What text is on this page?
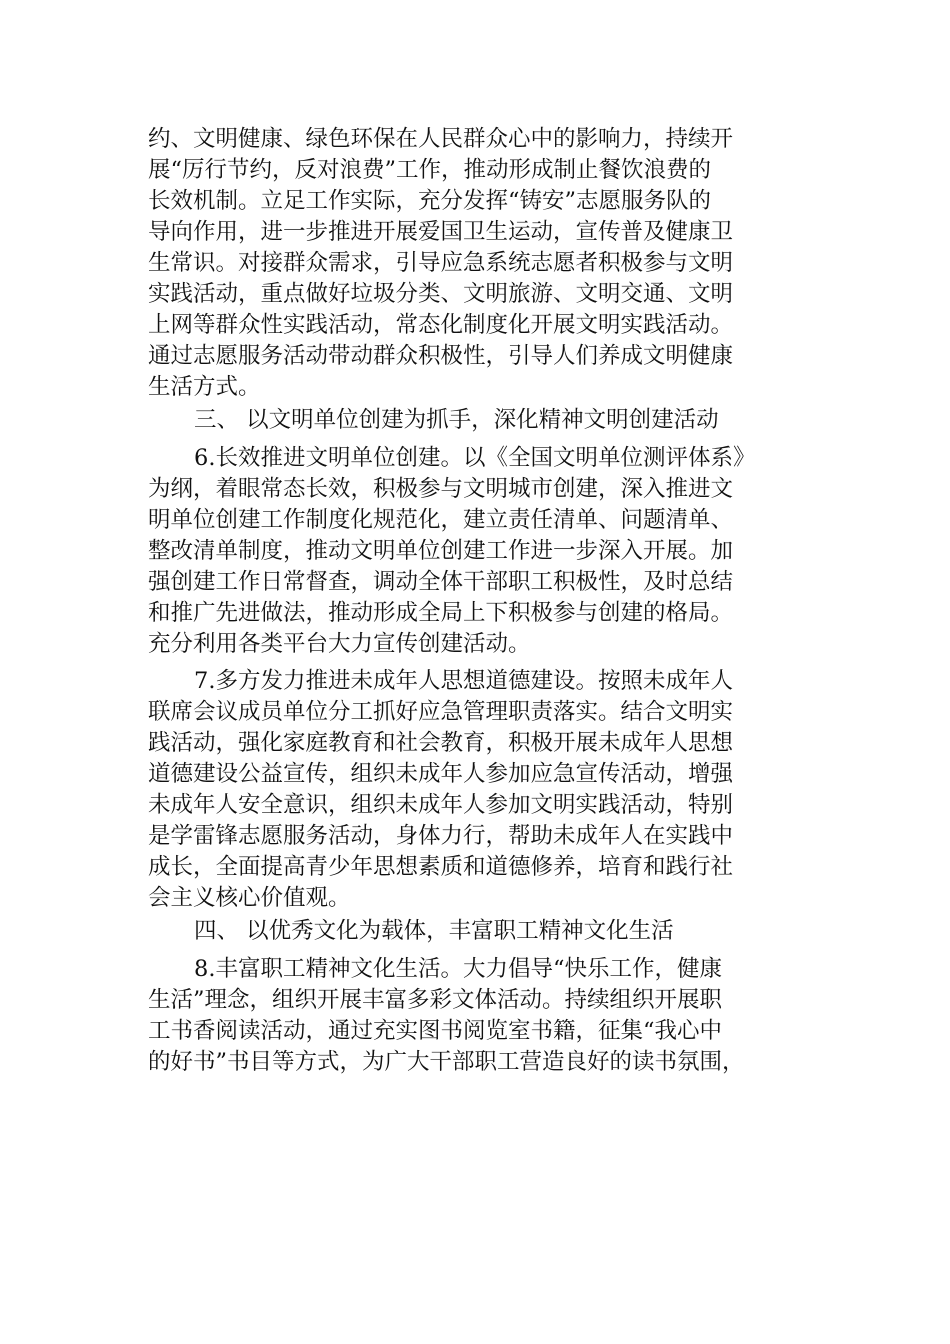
约、文明健康、绿色环保在人民群众心中的影响力，持续开

展“厉行节约，反对浪费”工作，推动形成制止餐饮浪费的

长效机制。立足工作实际，充分发挥“铸安”志愿服务队的

导向作用，进一步推进开展爱国卫生运动，宣传普及健康卫

生常识。对接群众需求，引导应急系统志愿者积极参与文明

实践活动，重点做好垃圾分类、文明旅游、文明交通、文明

上网等群众性实践活动，常态化制度化开展文明实践活动。

通过志愿服务活动带动群众积极性，引导人们养成文明健康

生活方式。

三、 以文明单位创建为抓手，深化精神文明创建活动

6.长效推进文明单位创建。以《全国文明单位测评体系》

为纲，着眼常态长效，积极参与文明城市创建，深入推进文

明单位创建工作制度化规范化，建立责任清单、问题清单、

整改清单制度，推动文明单位创建工作进一步深入开展。加

强创建工作日常督查，调动全体干部职工积极性，及时总结

和推广先进做法，推动形成全局上下积极参与创建的格局。

充分利用各类平台大力宣传创建活动。

7.多方发力推进未成年人思想道德建设。按照未成年人

联席会议成员单位分工抓好应急管理职责落实。结合文明实

践活动，强化家庭教育和社会教育，积极开展未成年人思想

道德建设公益宣传，组织未成年人参加应急宣传活动，增强

未成年人安全意识，组织未成年人参加文明实践活动，特别

是学雷锋志愿服务活动，身体力行，帮助未成年人在实践中

成长，全面提高青少年思想素质和道德修养，培育和践行社

会主义核心价值观。

四、 以优秀文化为载体，丰富职工精神文化生活

8.丰富职工精神文化生活。大力倡导“快乐工作，健康

生活”理念，组织开展丰富多彩文体活动。持续组织开展职

工书香阅读活动，通过充实图书阅览室书籍，征集“我心中

的好书”书目等方式，为广大干部职工营造良好的读书氛围，
